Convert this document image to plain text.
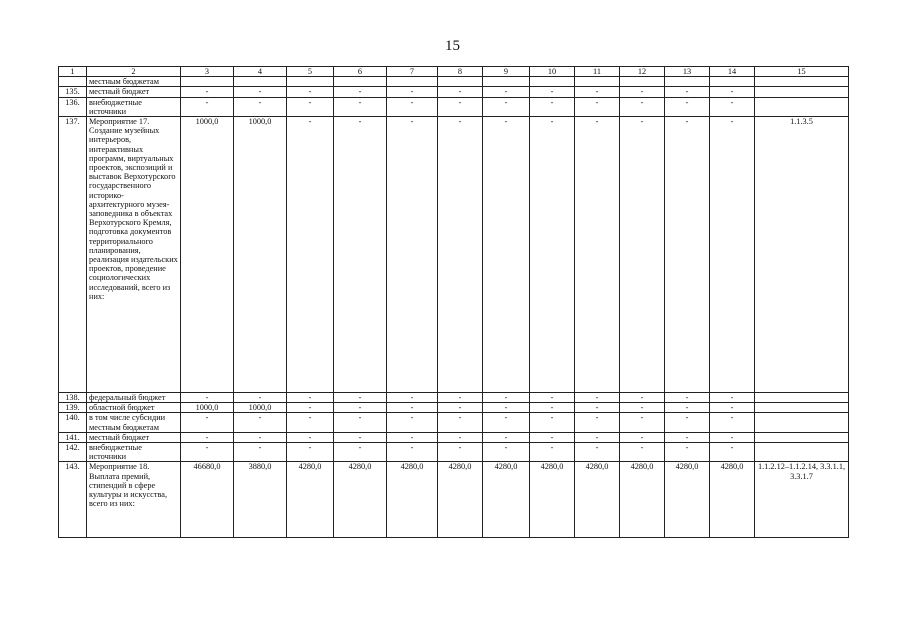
15
1	2	3	4	5	6	7	8	9	10	11	12	13	14	15
	местным бюджетам													
135.	местный бюджет	-	-	-	-	-	-	-	-	-	-	-	-	
136.	внебюджетные источники	-	-	-	-	-	-	-	-	-	-	-	-	
137.	Мероприятие 17. Создание музейных интерьеров, интерактивных программ, виртуальных проектов, экспозиций и выставок Верхотурского государственного историко-архитектурного музея-заповедника в объектах Верхотурского Кремля, подготовка документов территориального планирования, реализация издательских проектов, проведение социологических исследований, всего из них:	1000,0	1000,0	-	-	-	-	-	-	-	-	-	-	1.1.3.5
138.	федеральный бюджет	-	-	-	-	-	-	-	-	-	-	-	-	
139.	областной бюджет	1000,0	1000,0	-	-	-	-	-	-	-	-	-	-	
140.	в том числе субсидии местным бюджетам	-	-	-	-	-	-	-	-	-	-	-	-	
141.	местный бюджет	-	-	-	-	-	-	-	-	-	-	-	-	
142.	внебюджетные источники	-	-	-	-	-	-	-	-	-	-	-	-	
143.	Мероприятие 18. Выплата премий, стипендий в сфере культуры и искусства, всего из них:	46680,0	3880,0	4280,0	4280,0	4280,0	4280,0	4280,0	4280,0	4280,0	4280,0	4280,0	4280,0	1.1.2.12–1.1.2.14, 3.3.1.1, 3.3.1.7
